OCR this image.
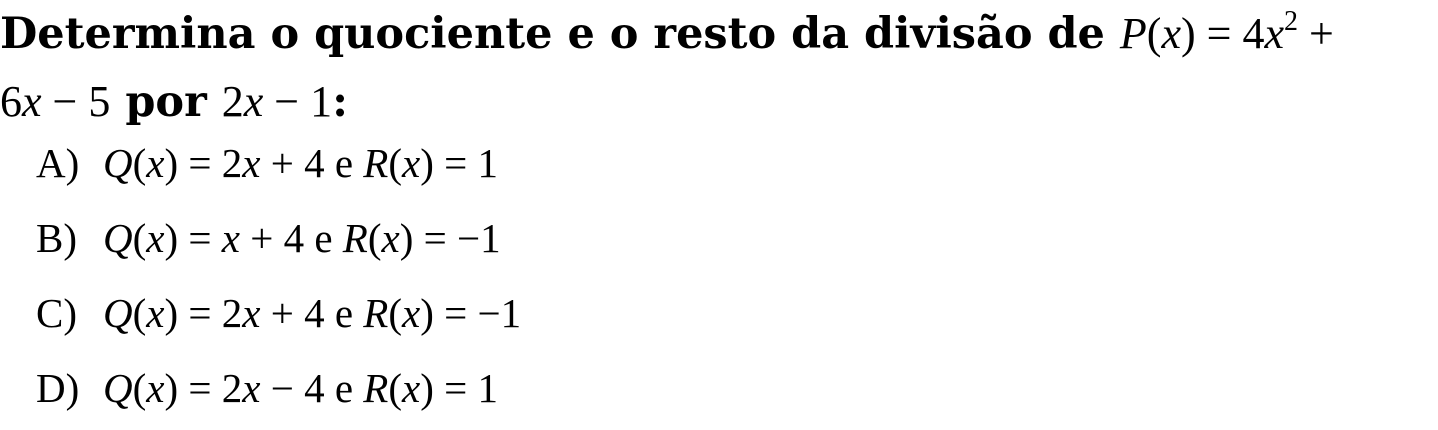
Determina o quociente e o resto da divisão de $P(x) = 4x^2$ +
6x − 5 por 2x − 1:
A) Q(x) = 2x + 4 e R(x) = 1
B) Q(x) = x + 4 e R(x) = −1
C) Q(x) = 2x + 4 e R(x) = −1
D) Q(x) = 2x − 4 e R(x) = 1
